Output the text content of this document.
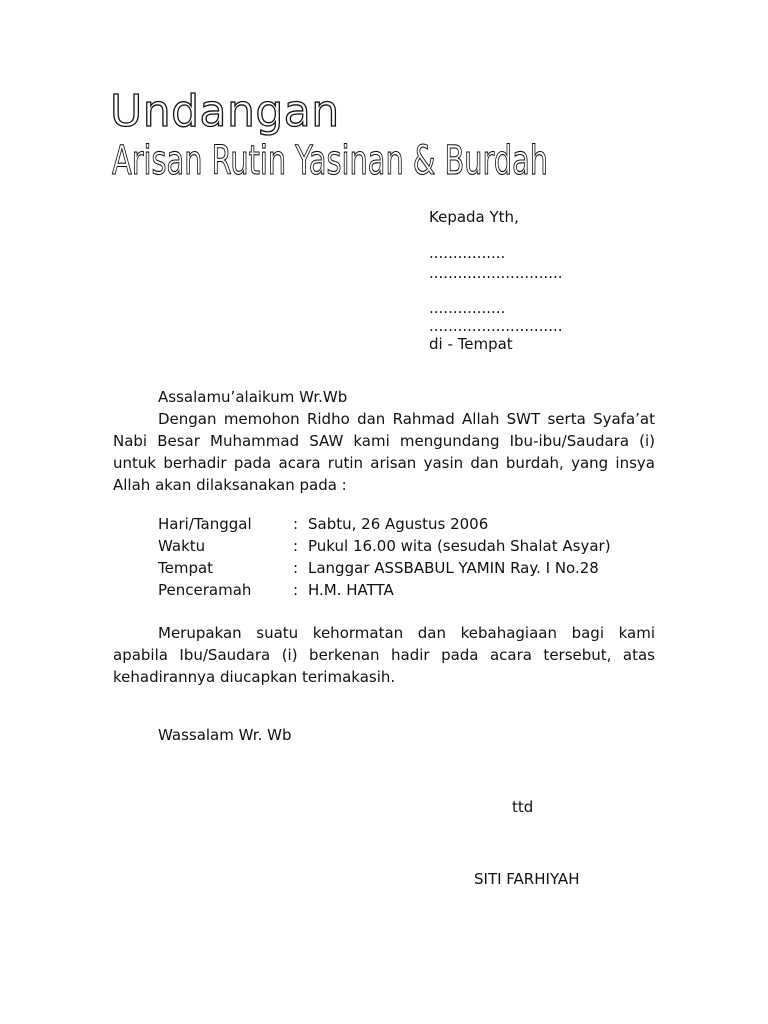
Undangan
Arisan Rutin Yasinan & Burdah
Kepada Yth,
................
............................
................
............................
di - Tempat
Assalamu’alaikum Wr.Wb
Dengan memohon Ridho dan Rahmad Allah SWT serta Syafa’at Nabi Besar Muhammad SAW kami mengundang Ibu-ibu/Saudara (i) untuk berhadir pada acara rutin arisan yasin dan burdah, yang insya Allah akan dilaksanakan pada :
Hari/Tanggal	: Sabtu, 26 Agustus 2006
Waktu	: Pukul 16.00 wita (sesudah Shalat Asyar)
Tempat	: Langgar ASSBABUL YAMIN Ray. I No.28
Penceramah	: H.M. HATTA
Merupakan suatu kehormatan dan kebahagiaan bagi kami apabila Ibu/Saudara (i) berkenan hadir pada acara tersebut, atas kehadirannya diucapkan terimakasih.
Wassalam Wr. Wb
ttd
SITI FARHIYAH
